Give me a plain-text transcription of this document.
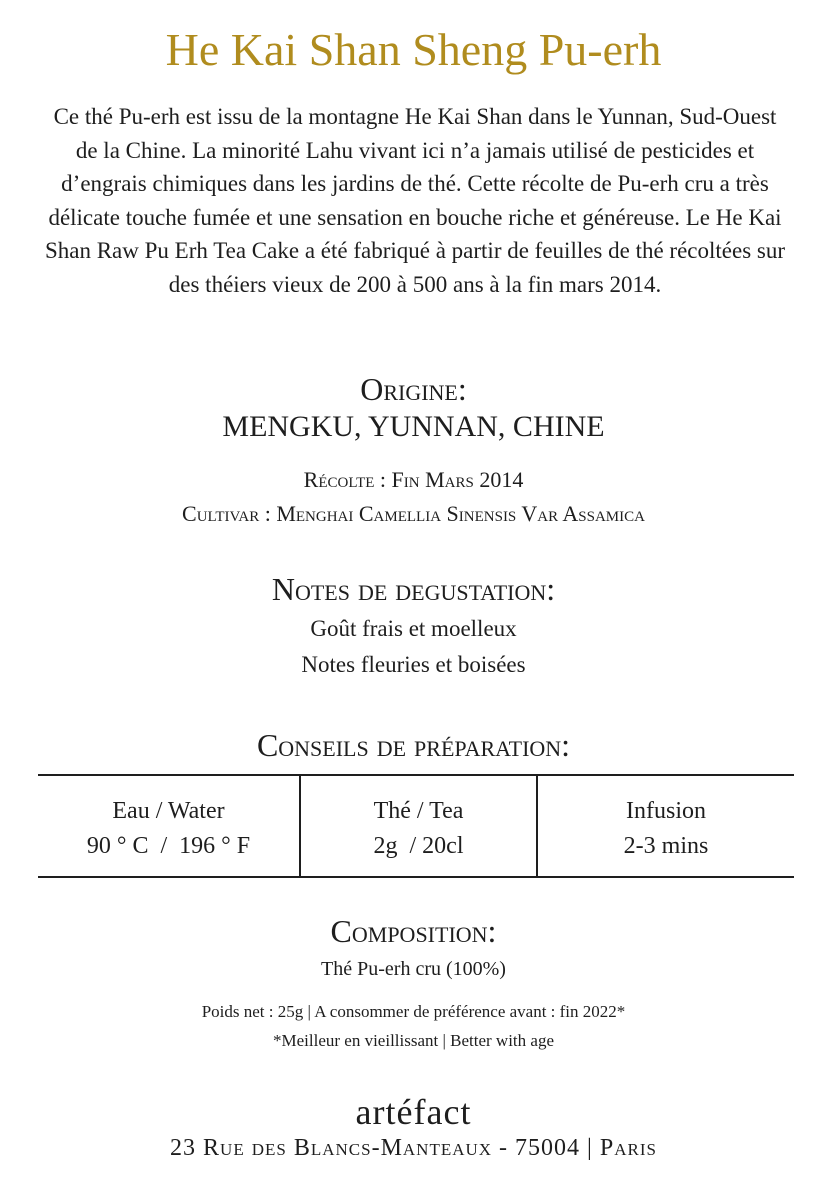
He Kai Shan Sheng Pu-erh

Ce thé Pu-erh est issu de la montagne He Kai Shan dans le Yunnan, Sud-Ouest de la Chine. La minorité Lahu vivant ici n’a jamais utilisé de pesticides et d’engrais chimiques dans les jardins de thé. Cette récolte de Pu-erh cru a très délicate touche fumée et une sensation en bouche riche et généreuse. Le He Kai Shan Raw Pu Erh Tea Cake a été fabriqué à partir de feuilles de thé récoltées sur des théiers vieux de 200 à 500 ans à la fin mars 2014.

Origine:

MENGKU, YUNNAN, CHINE

Récolte : Fin Mars 2014

Cultivar : Menghai Camellia Sinensis Var Assamica

Notes de degustation:

Goût frais et moelleux

Notes fleuries et boisées

Conseils de préparation:
Eau / Water
90 ° C  /  196 ° F
Thé / Tea
2g  / 20cl
Infusion
2-3 mins
Composition:

Thé Pu-erh cru (100%)

Poids net : 25g | A consommer de préférence avant : fin 2022*

*Meilleur en vieillissant | Better with age

artéfact

23 Rue des Blancs-Manteaux - 75004 | Paris
